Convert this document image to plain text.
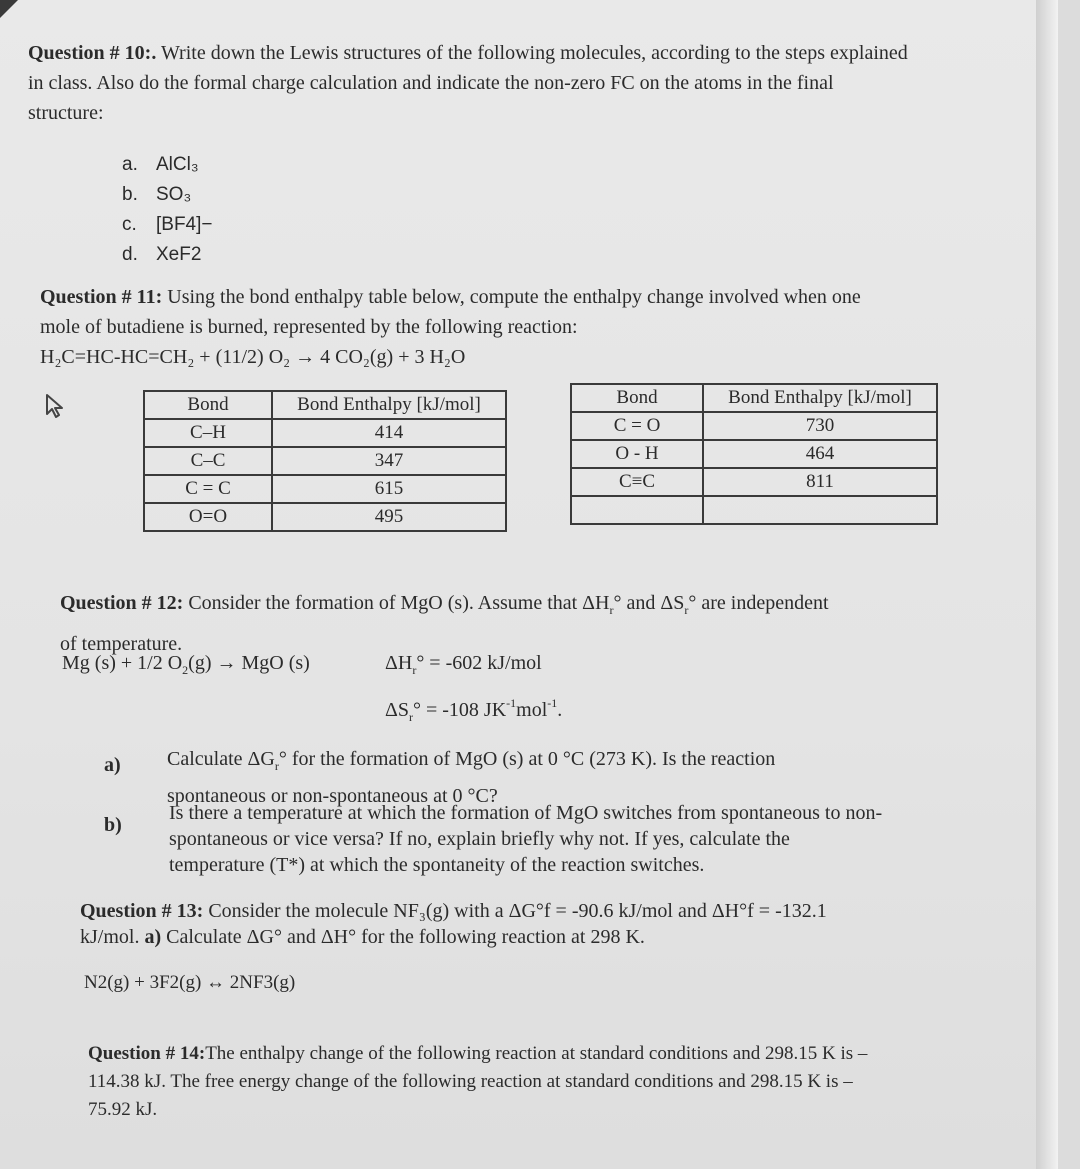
Question # 10:. Write down the Lewis structures of the following molecules, according to the steps explained in class. Also do the formal charge calculation and indicate the non-zero FC on the atoms in the final structure:

a. AlCl₃
b. SO₃
c. [BF4]−
d. XeF2

Question # 11: Using the bond enthalpy table below, compute the enthalpy change involved when one mole of butadiene is burned, represented by the following reaction:

H₂C=HC-HC=CH₂ + (11/2) O₂ → 4 CO₂(g) + 3 H₂O

Bond	Bond Enthalpy [kJ/mol]
C–H	414
C–C	347
C = C	615
O=O	495
Bond	Bond Enthalpy [kJ/mol]
C = O	730
O - H	464
C≡C	811

Question # 12: Consider the formation of MgO (s). Assume that $\Delta H_r^\circ$ and $\Delta S_r^\circ$ are independent

of temperature.

Mg (s) + 1/2 $O_2(g)$ → MgO (s)	$\Delta H_r^\circ = -602$ kJ/mol
$\Delta S_r^\circ = -108$ $JK^{-1}mol^{-1}$.
a) Calculate $\Delta G_r^\circ$ for the formation of MgO (s) at 0 °C (273 K). Is the reaction

spontaneous or non-spontaneous at 0 °C?

b)

Is there a temperature at which the formation of MgO switches from spontaneous to non-spontaneous or vice versa? If no, explain briefly why not. If yes, calculate the temperature (T*) at which the spontaneity of the reaction switches.

Question # 13: Consider the molecule NF₃(g) with a ΔG°f = -90.6 kJ/mol and ΔH°f = -132.1 kJ/mol. a) Calculate ΔG° and ΔH° for the following reaction at 298 K.

N2(g) + 3F2(g) ↔ 2NF3(g)

Question # 14:The enthalpy change of the following reaction at standard conditions and 298.15 K is – 114.38 kJ. The free energy change of the following reaction at standard conditions and 298.15 K is –75.92 kJ.
